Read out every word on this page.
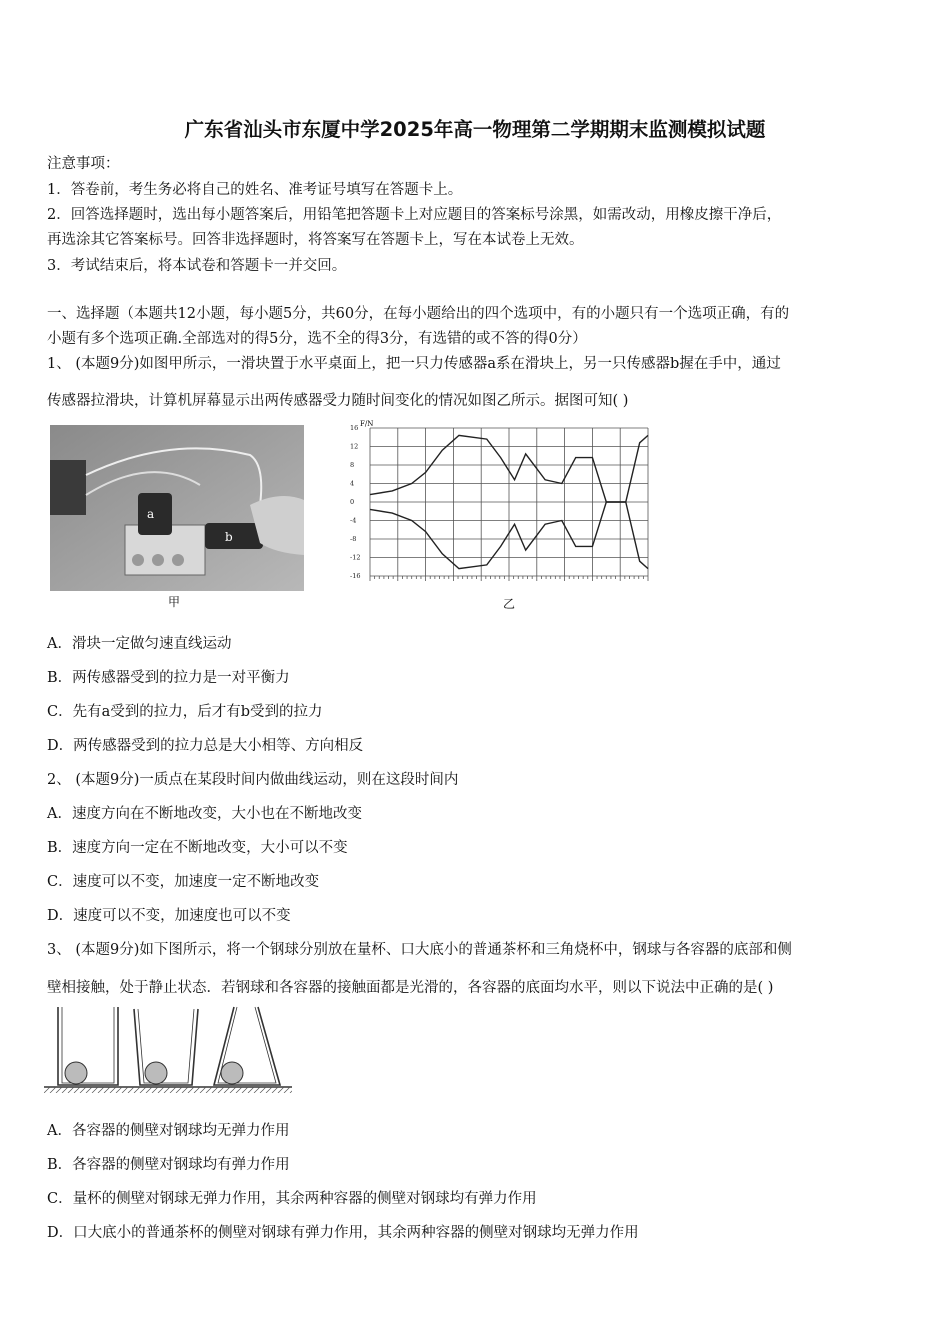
广东省汕头市东厦中学2025年高一物理第二学期期末监测模拟试题
注意事项：
1．答卷前，考生务必将自己的姓名、准考证号填写在答题卡上。
2．回答选择题时，选出每小题答案后，用铅笔把答题卡上对应题目的答案标号涂黑，如需改动，用橡皮擦干净后，
再选涂其它答案标号。回答非选择题时，将答案写在答题卡上，写在本试卷上无效。
3．考试结束后，将本试卷和答题卡一并交回。
一、选择题（本题共12小题，每小题5分，共60分，在每小题给出的四个选项中，有的小题只有一个选项正确，有的
小题有多个选项正确.全部选对的得5分，选不全的得3分，有选错的或不答的得0分）
1、 (本题9分)如图甲所示，一滑块置于水平桌面上，把一只力传感器a系在滑块上，另一只传感器b握在手中，通过
传感器拉滑块，计算机屏幕显示出两传感器受力随时间变化的情况如图乙所示。据图可知( )
a
b
甲
F/N
16
12
8
4
0
-4
-8
-12
-16
乙
A．滑块一定做匀速直线运动
B．两传感器受到的拉力是一对平衡力
C．先有a受到的拉力，后才有b受到的拉力
D．两传感器受到的拉力总是大小相等、方向相反
2、 (本题9分)一质点在某段时间内做曲线运动，则在这段时间内
A．速度方向在不断地改变，大小也在不断地改变
B．速度方向一定在不断地改变，大小可以不变
C．速度可以不变，加速度一定不断地改变
D．速度可以不变，加速度也可以不变
3、 (本题9分)如下图所示，将一个钢球分别放在量杯、口大底小的普通茶杯和三角烧杯中，钢球与各容器的底部和侧
壁相接触，处于静止状态．若钢球和各容器的接触面都是光滑的，各容器的底面均水平，则以下说法中正确的是( )
A．各容器的侧壁对钢球均无弹力作用
B．各容器的侧壁对钢球均有弹力作用
C．量杯的侧壁对钢球无弹力作用，其余两种容器的侧壁对钢球均有弹力作用
D．口大底小的普通茶杯的侧壁对钢球有弹力作用，其余两种容器的侧壁对钢球均无弹力作用
